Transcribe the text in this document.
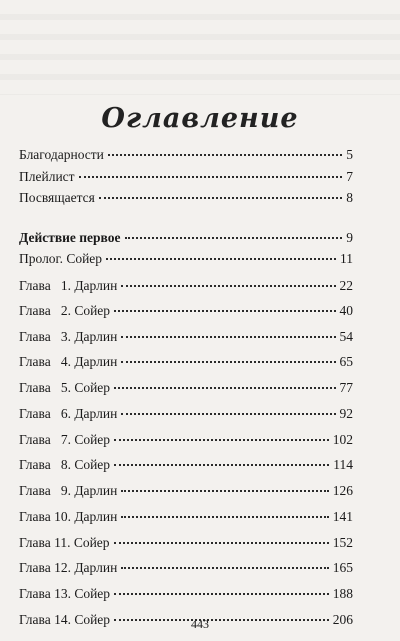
Оглавление
Благодарности	5
Плейлист	7
Посвящается	8
Действие первое	9
Пролог. Сойер	11
Глава   1. Дарлин	22
Глава   2. Сойер	40
Глава   3. Дарлин	54
Глава   4. Дарлин	65
Глава   5. Сойер	77
Глава   6. Дарлин	92
Глава   7. Сойер	102
Глава   8. Сойер	114
Глава   9. Дарлин	126
Глава 10. Дарлин	141
Глава 11. Сойер	152
Глава 12. Дарлин	165
Глава 13. Сойер	188
Глава 14. Сойер	206
443
